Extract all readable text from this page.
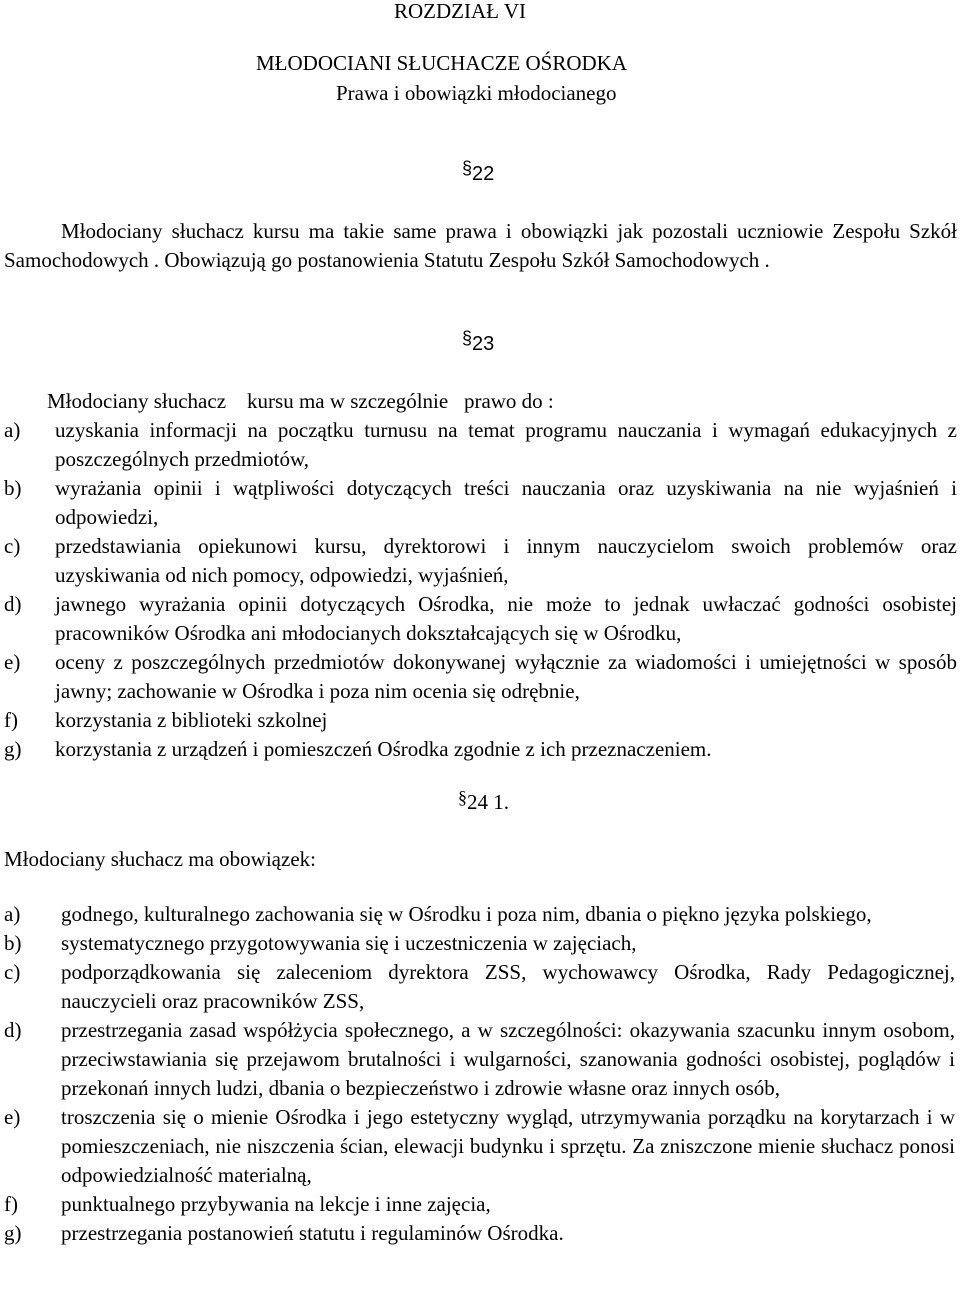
ROZDZIAŁ VI
MŁODOCIANI SŁUCHACZE OŚRODKA
Prawa i obowiązki młodocianego
§22
Młodociany słuchacz kursu ma takie same prawa i obowiązki jak pozostali uczniowie Zespołu Szkół Samochodowych . Obowiązują go postanowienia Statutu Zespołu Szkół Samochodowych .
§23
Młodociany słuchacz    kursu ma w szczególnie   prawo do :
a) uzyskania informacji na początku turnusu na temat programu nauczania i wymagań edukacyjnych z poszczególnych przedmiotów,
b) wyrażania opinii i wątpliwości dotyczących treści nauczania oraz uzyskiwania na nie wyjaśnień i odpowiedzi,
c) przedstawiania opiekunowi kursu, dyrektorowi i innym nauczycielom swoich problemów oraz uzyskiwania od nich pomocy, odpowiedzi, wyjaśnień,
d) jawnego wyrażania opinii dotyczących Ośrodka, nie może to jednak uwłaczać godności osobistej pracowników Ośrodka ani młodocianych dokształcających się w Ośrodku,
e) oceny z poszczególnych przedmiotów dokonywanej wyłącznie za wiadomości i umiejętności w sposób jawny; zachowanie w Ośrodka i poza nim ocenia się odrębnie,
f) korzystania z biblioteki szkolnej
g) korzystania z urządzeń i pomieszczeń Ośrodka zgodnie z ich przeznaczeniem.
§24 1.
Młodociany słuchacz ma obowiązek:
a) godnego, kulturalnego zachowania się w Ośrodku i poza nim, dbania o piękno języka polskiego,
b) systematycznego przygotowywania się i uczestniczenia w zajęciach,
c) podporządkowania się zaleceniom dyrektora ZSS, wychowawcy Ośrodka, Rady Pedagogicznej, nauczycieli oraz pracowników ZSS,
d) przestrzegania zasad współżycia społecznego, a w szczególności: okazywania szacunku innym osobom, przeciwstawiania się przejawom brutalności i wulgarności, szanowania godności osobistej, poglądów i przekonań innych ludzi, dbania o bezpieczeństwo i zdrowie własne oraz innych osób,
e) troszczenia się o mienie Ośrodka i jego estetyczny wygląd, utrzymywania porządku na korytarzach i w pomieszczeniach, nie niszczenia ścian, elewacji budynku i sprzętu. Za zniszczone mienie słuchacz ponosi odpowiedzialność materialną,
f) punktualnego przybywania na lekcje i inne zajęcia,
g) przestrzegania postanowień statutu i regulaminów Ośrodka.
